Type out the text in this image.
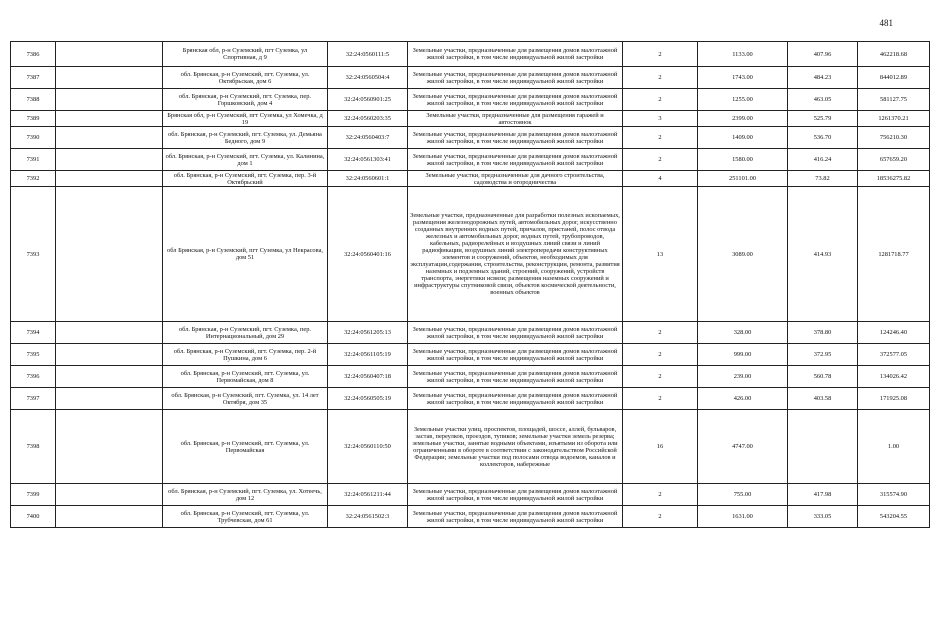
481
7386		Брянская обл, р-н Суземский, пгт Суземка, ул Спортивная, д 9	32:24:0560111:5	Земельные участки, предназначенные для размещения домов малоэтажной жилой застройки, в том числе индивидуальной жилой застройки	2	1133.00	407.96	462218.68
7387		обл. Брянская, р-н Суземский, пгт. Суземка, ул. Октябрьская, дом 6	32:24:0560504:4	Земельные участки, предназначенные для размещения домов малоэтажной жилой застройки, в том числе индивидуальной жилой застройки	2	1743.00	484.23	844012.89
7388		обл. Брянская, р-н Суземский, пгт. Суземка, пер. Горшковский, дом 4	32:24:0560901:25	Земельные участки, предназначенные для размещения домов малоэтажной жилой застройки, в том числе индивидуальной жилой застройки	2	1255.00	463.05	581127.75
7389		Брянская обл, р-н Суземский, пгт Суземка, ул Хомечка, д 19	32:24:0560203:35	Земельные участки, предназначенные для размещения гаражей и автостоянок	3	2399.00	525.79	1261370.21
7390		обл. Брянская, р-н Суземский, пгт. Суземка, ул. Демьяна Бедного, дом 9	32:24:0560403:7	Земельные участки, предназначенные для размещения домов малоэтажной жилой застройки, в том числе индивидуальной жилой застройки	2	1409.00	536.70	756210.30
7391		обл. Брянская, р-н Суземский, пгт. Суземка, ул. Калинина, дом 1	32:24:0561303:41	Земельные участки, предназначенные для размещения домов малоэтажной жилой застройки, в том числе индивидуальной жилой застройки	2	1580.00	416.24	657659.20
7392		обл. Брянская, р-н Суземский, пгт. Суземка, пер. 3-й Октябрьский	32:24:0560601:1	Земельные участки, предназначенные для дачного строительства, садоводства и огородничества	4	251101.00	73.82	18536275.82
7393		обл Брянская, р-н Суземский, пгт Суземка, ул Некрасова, дом 51	32:24:0560401:16	Земельные участки, предназначенные для разработки полезных ископаемых, размещения железнодорожных путей, автомобильных дорог, искусственно созданных внутренних водных путей, причалов, пристаней, полос отвода железных и автомобильных дорог, водных путей, трубопроводов, кабельных, радиорелейных и воздушных линий связи и линий радиофикации, воздушных линий электропередачи конструктивных элементов и сооружений, объектов, необходимых для эксплуатации,содержания, строительства, реконструкции, ремонта, развития наземных и подземных зданий, строений, сооружений, устройств транспорта, энергетики исвязи; размещения наземных сооружений и инфраструктуры спутниковой связи, объектов космической деятельности, военных объектов	13	3089.00	414.93	1281718.77
7394		обл. Брянская, р-н Суземский, пгт. Суземка, пер. Интернациональный, дом 29	32:24:0561205:13	Земельные участки, предназначенные для размещения домов малоэтажной жилой застройки, в том числе индивидуальной жилой застройки	2	328.00	378.80	124246.40
7395		обл. Брянская, р-н Суземский, пгт. Суземка, пер. 2-й Пушкина, дом 6	32:24:0561105:19	Земельные участки, предназначенные для размещения домов малоэтажной жилой застройки, в том числе индивидуальной жилой застройки	2	999.00	372.95	372577.05
7396		обл. Брянская, р-н Суземский, пгт. Суземка, ул. Первомайская, дом 8	32:24:0560407:18	Земельные участки, предназначенные для размещения домов малоэтажной жилой застройки, в том числе индивидуальной жилой застройки	2	239.00	560.78	134026.42
7397		обл. Брянская, р-н Суземский, пгт. Суземка, ул. 14 лет Октября, дом 35	32:24:0560505:19	Земельные участки, предназначенные для размещения домов малоэтажной жилой застройки, в том числе индивидуальной жилой застройки	2	426.00	403.58	171925.08
7398		обл. Брянская, р-н Суземский, пгт. Суземка, ул. Первомайская	32:24:0560110:50	Земельные участки улиц, проспектов, площадей, шоссе, аллей, бульваров, застав, переулков, проездов, тупиков; земельные участки земель резерва; земельные участки, занятые водными объектами, изъятыми из оборота или ограниченными в обороте в соответствии с законодательством Российской Федерации; земельные участки под полосами отвода водоемов, каналов и коллекторов, набережные	16	4747.00		1.00
7399		обл. Брянская, р-н Суземский, пгт. Суземка, ул. Хотеечь, дом 12	32:24:0561211:44	Земельные участки, предназначенные для размещения домов малоэтажной жилой застройки, в том числе индивидуальной жилой застройки	2	755.00	417.98	315574.90
7400		обл. Брянская, р-н Суземский, пгт. Суземка, ул. Трубчевская, дом 61	32:24:0561502:3	Земельные участки, предназначенные для размещения домов малоэтажной жилой застройки, в том числе индивидуальной жилой застройки	2	1631.00	333.05	543204.55
